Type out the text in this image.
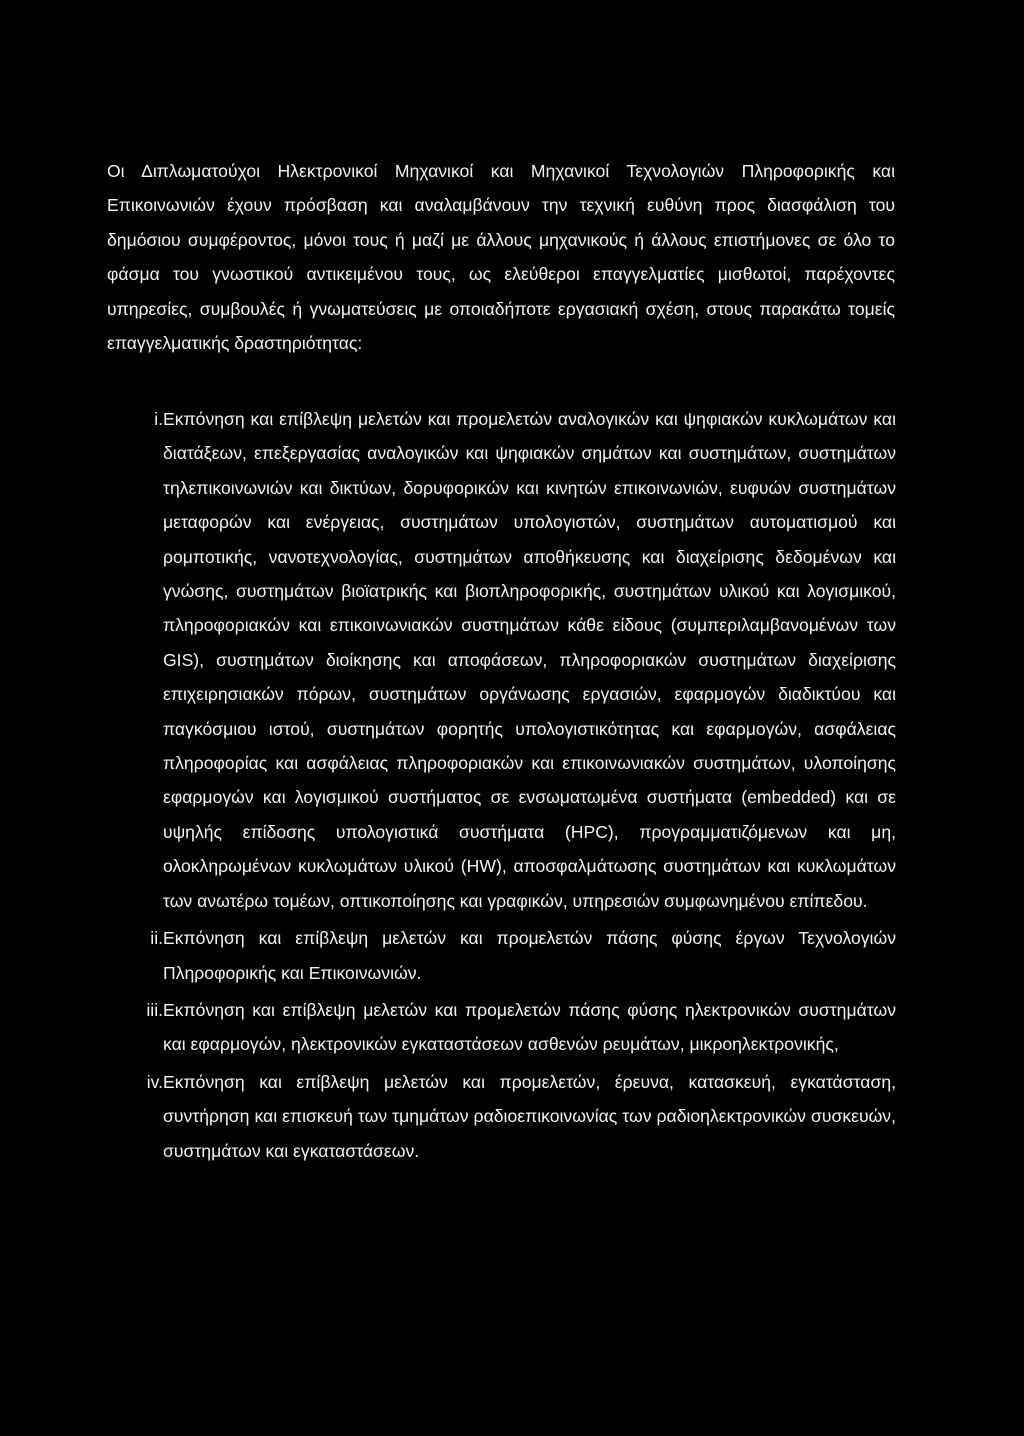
Οι Διπλωματούχοι Ηλεκτρονικοί Μηχανικοί και Μηχανικοί Τεχνολογιών Πληροφορικής και Επικοινωνιών έχουν πρόσβαση και αναλαμβάνουν την τεχνική ευθύνη προς διασφάλιση του δημόσιου συμφέροντος, μόνοι τους ή μαζί με άλλους μηχανικούς ή άλλους επιστήμονες σε όλο το φάσμα του γνωστικού αντικειμένου τους, ως ελεύθεροι επαγγελματίες μισθωτοί, παρέχοντες υπηρεσίες, συμβουλές ή γνωματεύσεις με οποιαδήποτε εργασιακή σχέση, στους παρακάτω τομείς επαγγελματικής δραστηριότητας:

i. Εκπόνηση και επίβλεψη μελετών και προμελετών αναλογικών και ψηφιακών κυκλωμάτων και διατάξεων, επεξεργασίας αναλογικών και ψηφιακών σημάτων και συστημάτων, συστημάτων τηλεπικοινωνιών και δικτύων, δορυφορικών και κινητών επικοινωνιών, ευφυών συστημάτων μεταφορών και ενέργειας, συστημάτων υπολογιστών, συστημάτων αυτοματισμού και ρομποτικής, νανοτεχνολογίας, συστημάτων αποθήκευσης και διαχείρισης δεδομένων και γνώσης, συστημάτων βιοϊατρικής και βιοπληροφορικής, συστημάτων υλικού και λογισμικού, πληροφοριακών και επικοινωνιακών συστημάτων κάθε είδους (συμπεριλαμβανομένων των GIS), συστημάτων διοίκησης και αποφάσεων, πληροφοριακών συστημάτων διαχείρισης επιχειρησιακών πόρων, συστημάτων οργάνωσης εργασιών, εφαρμογών διαδικτύου και παγκόσμιου ιστού, συστημάτων φορητής υπολογιστικότητας και εφαρμογών, ασφάλειας πληροφορίας και ασφάλειας πληροφοριακών και επικοινωνιακών συστημάτων, υλοποίησης εφαρμογών και λογισμικού συστήματος σε ενσωματωμένα συστήματα (embedded) και σε υψηλής επίδοσης υπολογιστικά συστήματα (HPC), προγραμματιζόμενων και μη, ολοκληρωμένων κυκλωμάτων υλικού (HW), αποσφαλμάτωσης συστημάτων και κυκλωμάτων των ανωτέρω τομέων, οπτικοποίησης και γραφικών, υπηρεσιών συμφωνημένου επίπεδου.
ii. Εκπόνηση και επίβλεψη μελετών και προμελετών πάσης φύσης έργων Τεχνολογιών Πληροφορικής και Επικοινωνιών.
iii. Εκπόνηση και επίβλεψη μελετών και προμελετών πάσης φύσης ηλεκτρονικών συστημάτων και εφαρμογών, ηλεκτρονικών εγκαταστάσεων ασθενών ρευμάτων, μικροηλεκτρονικής,
iv. Εκπόνηση και επίβλεψη μελετών και προμελετών, έρευνα, κατασκευή, εγκατάσταση, συντήρηση και επισκευή των τμημάτων ραδιοεπικοινωνίας των ραδιοηλεκτρονικών συσκευών, συστημάτων και εγκαταστάσεων.
